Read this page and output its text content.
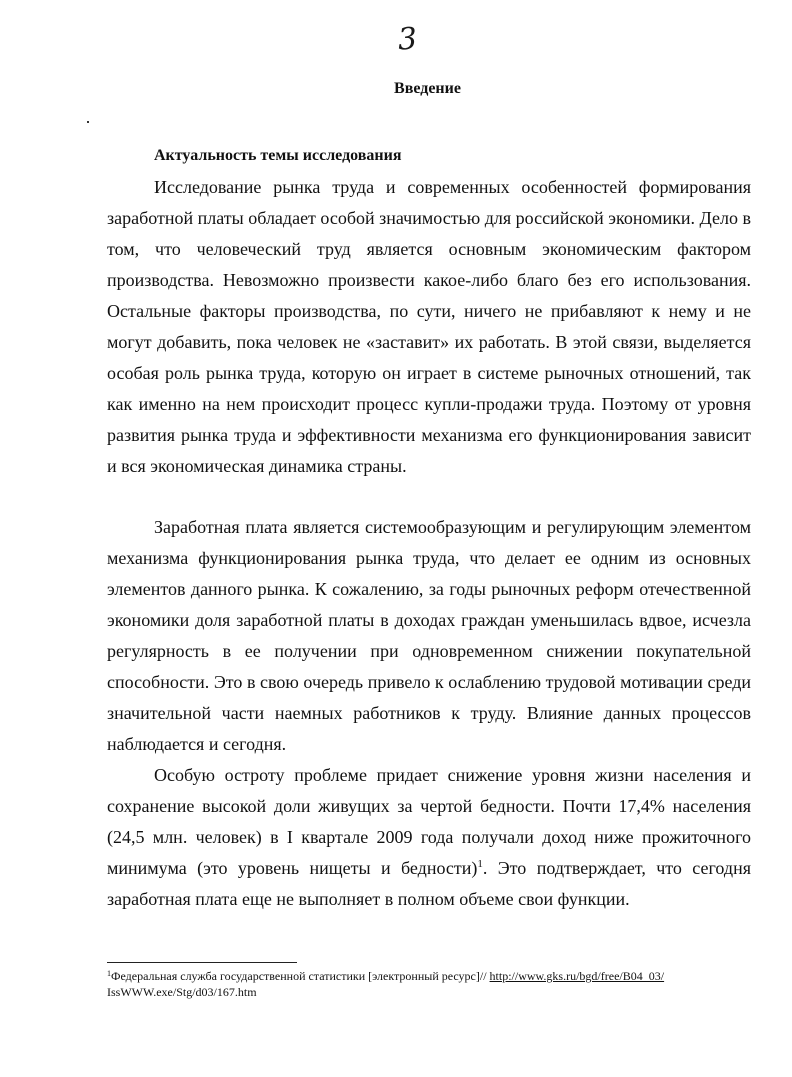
3
Введение
Актуальность темы исследования

Исследование рынка труда и современных особенностей формирования заработной платы обладает особой значимостью для российской экономики. Дело в том, что человеческий труд является основным экономическим фактором производства. Невозможно произвести какое-либо благо без его использования. Остальные факторы производства, по сути, ничего не прибавляют к нему и не могут добавить, пока человек не «заставит» их работать. В этой связи, выделяется особая роль рынка труда, которую он играет в системе рыночных отношений, так как именно на нем происходит процесс купли-продажи труда. Поэтому от уровня развития рынка труда и эффективности механизма его функционирования зависит и вся экономическая динамика страны.

Заработная плата является системообразующим и регулирующим элементом механизма функционирования рынка труда, что делает ее одним из основных элементов данного рынка. К сожалению, за годы рыночных реформ отечественной экономики доля заработной платы в доходах граждан уменьшилась вдвое, исчезла регулярность в ее получении при одновременном снижении покупательной способности. Это в свою очередь привело к ослаблению трудовой мотивации среди значительной части наемных работников к труду. Влияние данных процессов наблюдается и сегодня.

Особую остроту проблеме придает снижение уровня жизни населения и сохранение высокой доли живущих за чертой бедности. Почти 17,4% населения (24,5 млн. человек) в I квартале 2009 года получали доход ниже прожиточного минимума (это уровень нищеты и бедности)$^1$. Это подтверждает, что сегодня заработная плата еще не выполняет в полном объеме свои функции.

$^1$Федеральная служба государственной статистики [электронный ресурс]// http://www.gks.ru/bgd/free/B04_03/
IssWWW.exe/Stg/d03/167.htm
